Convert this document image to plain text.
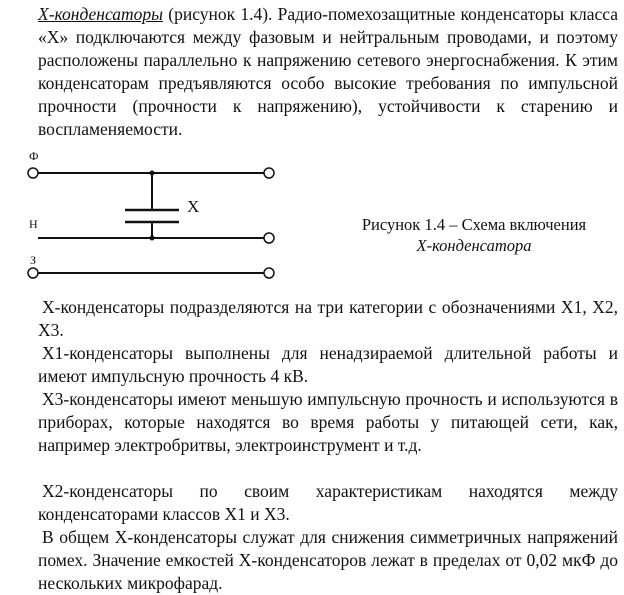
X-конденсаторы (рисунок 1.4). Радио-помехозащитные конденсаторы класса «X» подключаются между фазовым и нейтральным проводами, и поэтому расположены параллельно к напряжению сетевого энергоснабжения. К этим конденсаторам предъявляются особо высокие требования по импульсной прочности (прочности к напряжению), устойчивости к старению и воспламеняемости.

Ф
Н
З
X
Рисунок 1.4 – Схема включения
X-конденсатора

X-конденсаторы подразделяются на три категории с обозначениями X1, X2, X3.

X1-конденсаторы выполнены для ненадзираемой длительной работы и имеют импульсную прочность 4 кВ.

X3-конденсаторы имеют меньшую импульсную прочность и используются в приборах, которые находятся во время работы у питающей сети, как, например электробритвы, электроинструмент и т.д.

X2-конденсаторы по своим характеристикам находятся между конденсаторами классов X1 и X3.

В общем X-конденсаторы служат для снижения симметричных напряжений помех. Значение емкостей X-конденсаторов лежат в пределах от 0,02 мкФ до нескольких микрофарад.
